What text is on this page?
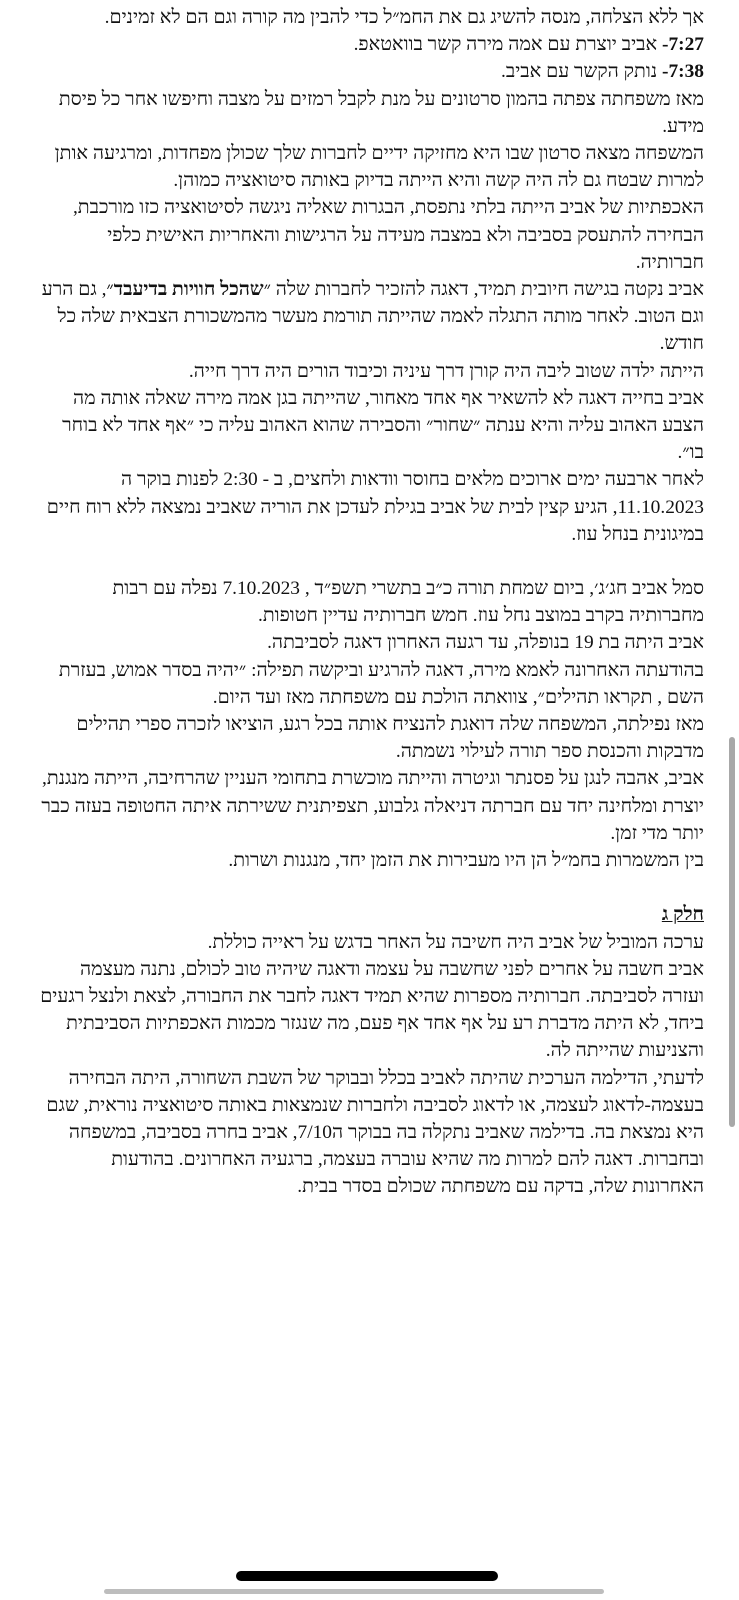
אך ללא הצלחה, מנסה להשיג גם את החמ״ל כדי להבין מה קורה וגם הם לא זמינים.

7:27- אביב יוצרת עם אמה מירה קשר בוואטאפ.

7:38- נותק הקשר עם אביב.

מאז משפחתה צפתה בהמון סרטונים על מנת לקבל רמזים על מצבה וחיפשו אחר כל פיסת מידע.

המשפחה מצאה סרטון שבו היא מחזיקה ידיים לחברות שלך שכולן מפחדות, ומרגיעה אותן למרות שבטח גם לה היה קשה והיא הייתה בדיוק באותה סיטואציה כמוהן.

האכפתיות של אביב הייתה בלתי נתפסת, הבגרות שאליה ניגשה לסיטואציה כזו מורכבת, הבחירה להתעסק בסביבה ולא במצבה מעידה על הרגישות והאחריות האישית כלפי חברותיה.

אביב נקטה בגישה חיובית תמיד, דאגה להזכיר לחברות שלה ״שהכל חוויות בדיעבד״, גם הרע וגם הטוב. לאחר מותה התגלה לאמה שהייתה תורמת מעשר מהמשכורת הצבאית שלה כל חודש.

הייתה ילדה שטוב ליבה היה קורן דרך עיניה וכיבוד הורים היה דרך חייה.

אביב בחייה דאגה לא להשאיר אף אחד מאחור, שהייתה בגן אמה מירה שאלה אותה מה הצבע האהוב עליה והיא ענתה ״שחור״ והסבירה שהוא האהוב עליה כי ״אף אחד לא בוחר בו״.

לאחר ארבעה ימים ארוכים מלאים בחוסר וודאות ולחצים, ב - 2:30 לפנות בוקר ה 11.10.2023, הגיע קצין לבית של אביב בגילת לעדכן את הוריה שאביב נמצאה ללא רוח חיים במיגונית בנחל עוז.

סמל אביב חג׳ג׳, ביום שמחת תורה כ״ב בתשרי תשפ״ד , 7.10.2023 נפלה עם רבות מחברותיה בקרב במוצב נחל עוז. חמש חברותיה עדיין חטופות.

אביב היתה בת 19 בנופלה, עד רגעה האחרון דאגה לסביבתה.

בהודעתה האחרונה לאמא מירה, דאגה להרגיע וביקשה תפילה: ״יהיה בסדר אמוש, בעזרת השם , תקראו תהילים״, צוואתה הולכת עם משפחתה מאז ועד היום.

מאז נפילתה, המשפחה שלה דואגת להנציח אותה בכל רגע, הוציאו לזכרה ספרי תהילים מדבקות והכנסת ספר תורה לעילוי נשמתה.

אביב, אהבה לנגן על פסנתר וגיטרה והייתה מוכשרת בתחומי העניין שהרחיבה, הייתה מנגנת, יוצרת ומלחינה יחד עם חברתה דניאלה גלבוע, תצפיתנית ששירתה איתה החטופה בעזה כבר יותר מדי זמן.

בין המשמרות בחמ״ל הן היו מעבירות את הזמן יחד, מנגנות ושרות.

חלק ג

ערכה המוביל של אביב היה חשיבה על האחר בדגש על ראייה כוללת.

אביב חשבה על אחרים לפני שחשבה על עצמה ודאגה שיהיה טוב לכולם, נתנה מעצמה ועזרה לסביבתה. חברותיה מספרות שהיא תמיד דאגה לחבר את החבורה, לצאת ולנצל רגעים ביחד, לא היתה מדברת רע על אף אחד אף פעם, מה שנגזר מכמות האכפתיות הסביבתית והצניעות שהייתה לה.

לדעתי, הדילמה הערכית שהיתה לאביב בכלל ובבוקר של השבת השחורה, היתה הבחירה בעצמה-לדאוג לעצמה, או לדאוג לסביבה ולחברות שנמצאות באותה סיטואציה נוראית, שגם היא נמצאת בה. בדילמה שאביב נתקלה בה בבוקר ה7/10, אביב בחרה בסביבה, במשפחה ובחברות. דאגה להם למרות מה שהיא עוברה בעצמה, ברגעיה האחרונים. בהודעות האחרונות שלה, בדקה עם משפחתה שכולם בסדר בבית.
